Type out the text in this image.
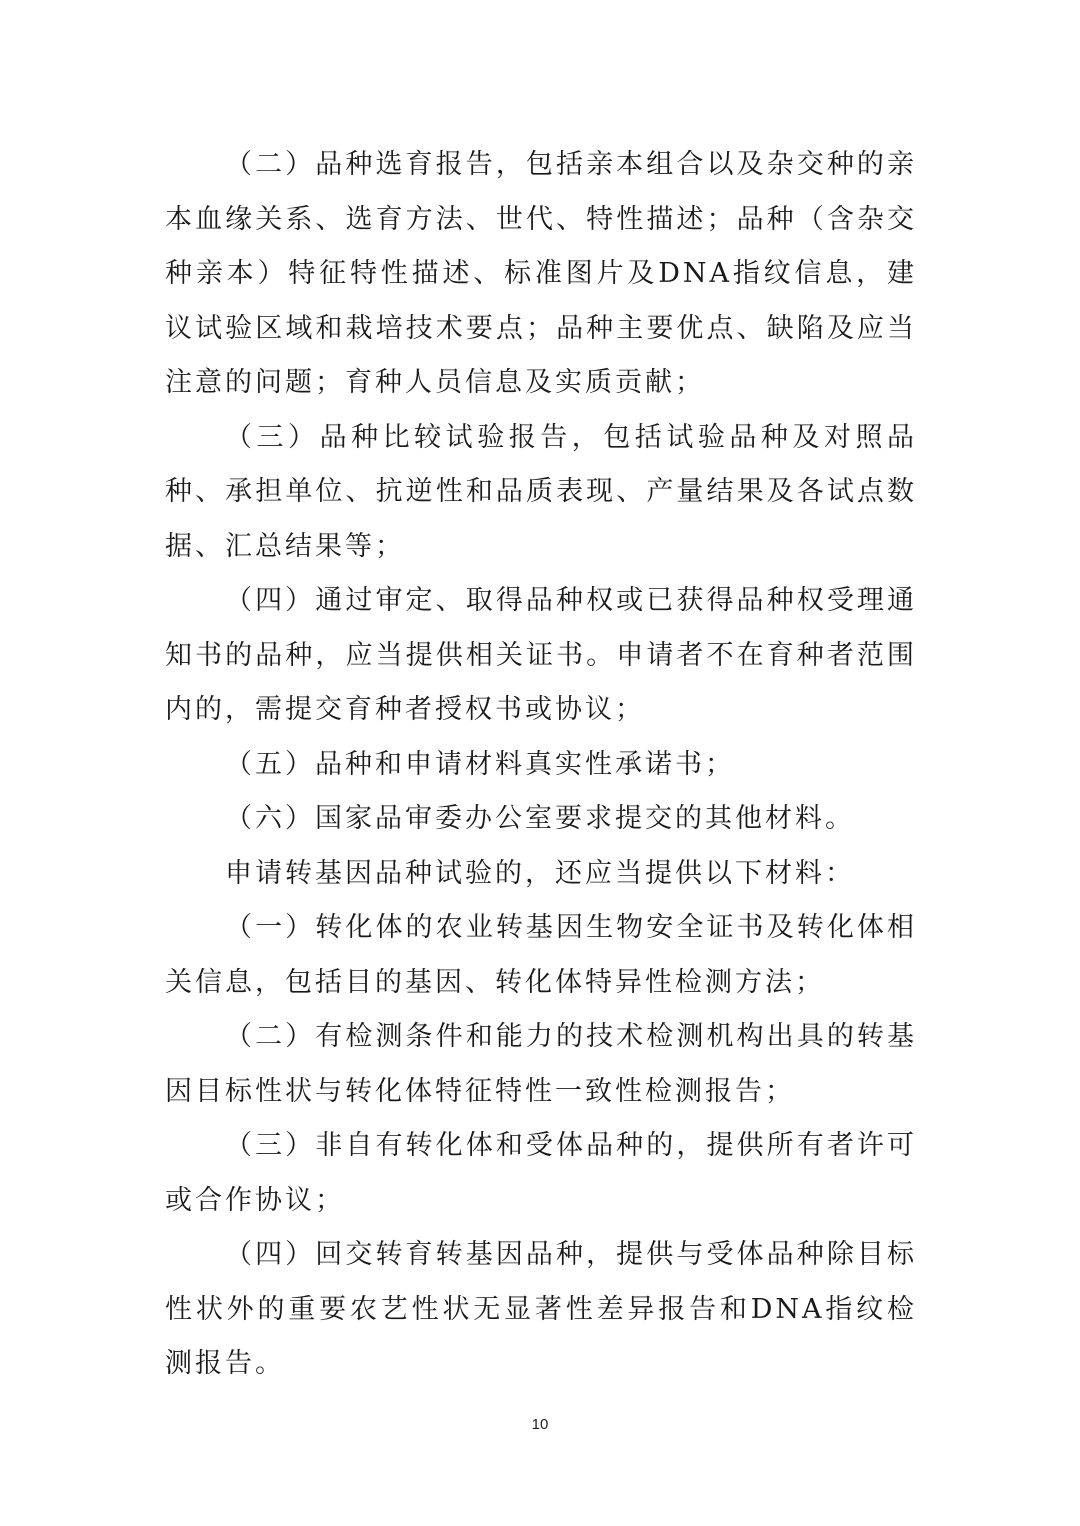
（二）品种选育报告，包括亲本组合以及杂交种的亲本血缘关系、选育方法、世代、特性描述；品种（含杂交种亲本）特征特性描述、标准图片及DNA指纹信息，建议试验区域和栽培技术要点；品种主要优点、缺陷及应当注意的问题；育种人员信息及实质贡献；

（三）品种比较试验报告，包括试验品种及对照品种、承担单位、抗逆性和品质表现、产量结果及各试点数据、汇总结果等；

（四）通过审定、取得品种权或已获得品种权受理通知书的品种，应当提供相关证书。申请者不在育种者范围内的，需提交育种者授权书或协议；

（五）品种和申请材料真实性承诺书；

（六）国家品审委办公室要求提交的其他材料。

申请转基因品种试验的，还应当提供以下材料：

（一）转化体的农业转基因生物安全证书及转化体相关信息，包括目的基因、转化体特异性检测方法；

（二）有检测条件和能力的技术检测机构出具的转基因目标性状与转化体特征特性一致性检测报告；

（三）非自有转化体和受体品种的，提供所有者许可或合作协议；

（四）回交转育转基因品种，提供与受体品种除目标性状外的重要农艺性状无显著性差异报告和DNA指纹检测报告。

10
